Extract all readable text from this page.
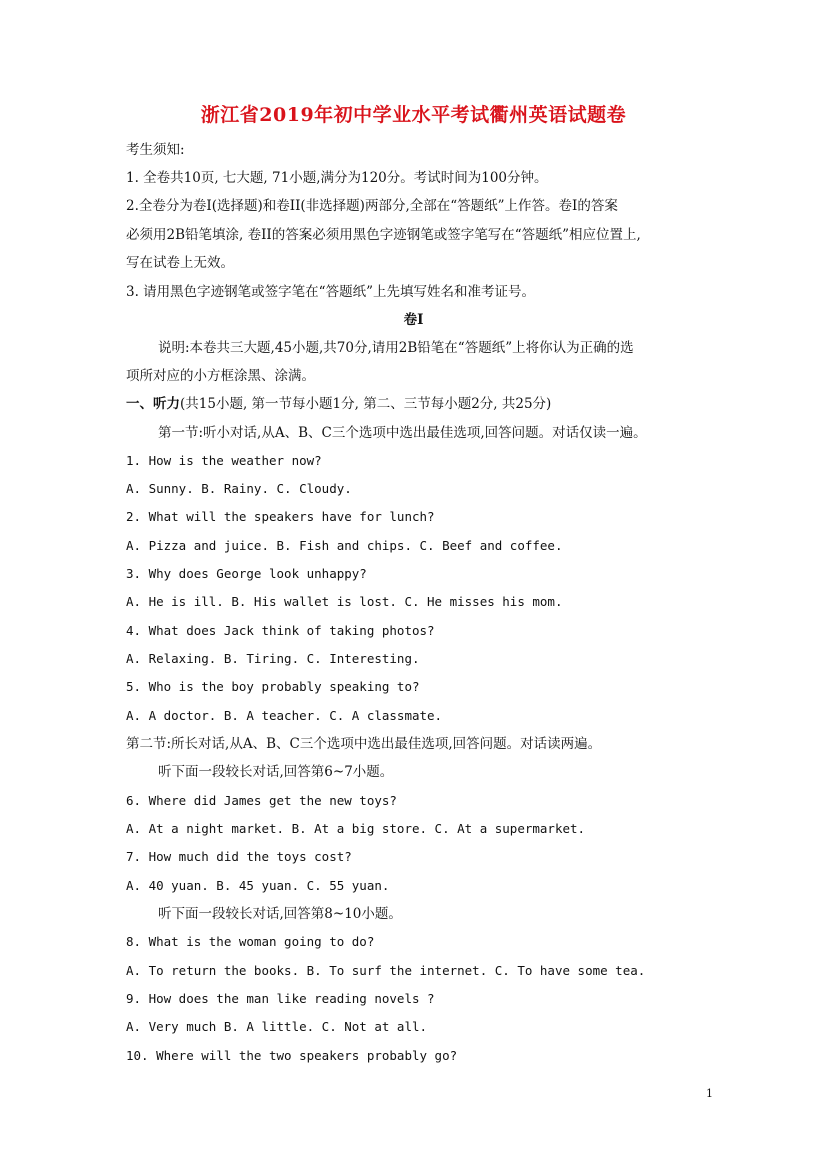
浙江省2019年初中学业水平考试衢州英语试题卷
考生须知:
1. 全卷共10页, 七大题, 71小题,满分为120分。考试时间为100分钟。
2.全卷分为卷I(选择题)和卷II(非选择题)两部分,全部在“答题纸”上作答。卷I的答案
必须用2B铅笔填涂, 卷II的答案必须用黑色字迹钢笔或签字笔写在“答题纸”相应位置上,
写在试卷上无效。
3. 请用黑色字迹钢笔或签字笔在“答题纸”上先填写姓名和准考证号。
卷I
说明:本卷共三大题,45小题,共70分,请用2B铅笔在“答题纸”上将你认为正确的选
项所对应的小方框涂黑、涂满。
一、听力(共15小题, 第一节每小题1分, 第二、三节每小题2分, 共25分)
第一节:听小对话,从A、B、C三个选项中选出最佳选项,回答问题。对话仅读一遍。
1. How is the weather now?
A. Sunny. B. Rainy. C. Cloudy.
2. What will the speakers have for lunch?
A. Pizza and juice. B. Fish and chips. C. Beef and coffee.
3. Why does George look unhappy?
A. He is ill. B. His wallet is lost. C. He misses his mom.
4. What does Jack think of taking photos?
A. Relaxing. B. Tiring. C. Interesting.
5. Who is the boy probably speaking to?
A. A doctor. B. A teacher. C. A classmate.
第二节:所长对话,从A、B、C三个选项中选出最佳选项,回答问题。对话读两遍。
听下面一段较长对话,回答第6~7小题。
6. Where did James get the new toys?
A. At a night market. B. At a big store. C. At a supermarket.
7. How much did the toys cost?
A. 40 yuan. B. 45 yuan. C. 55 yuan.
听下面一段较长对话,回答第8~10小题。
8. What is the woman going to do?
A. To return the books. B. To surf the internet. C. To have some tea.
9. How does the man like reading novels ?
A. Very much B. A little. C. Not at all.
10. Where will the two speakers probably go?
1
